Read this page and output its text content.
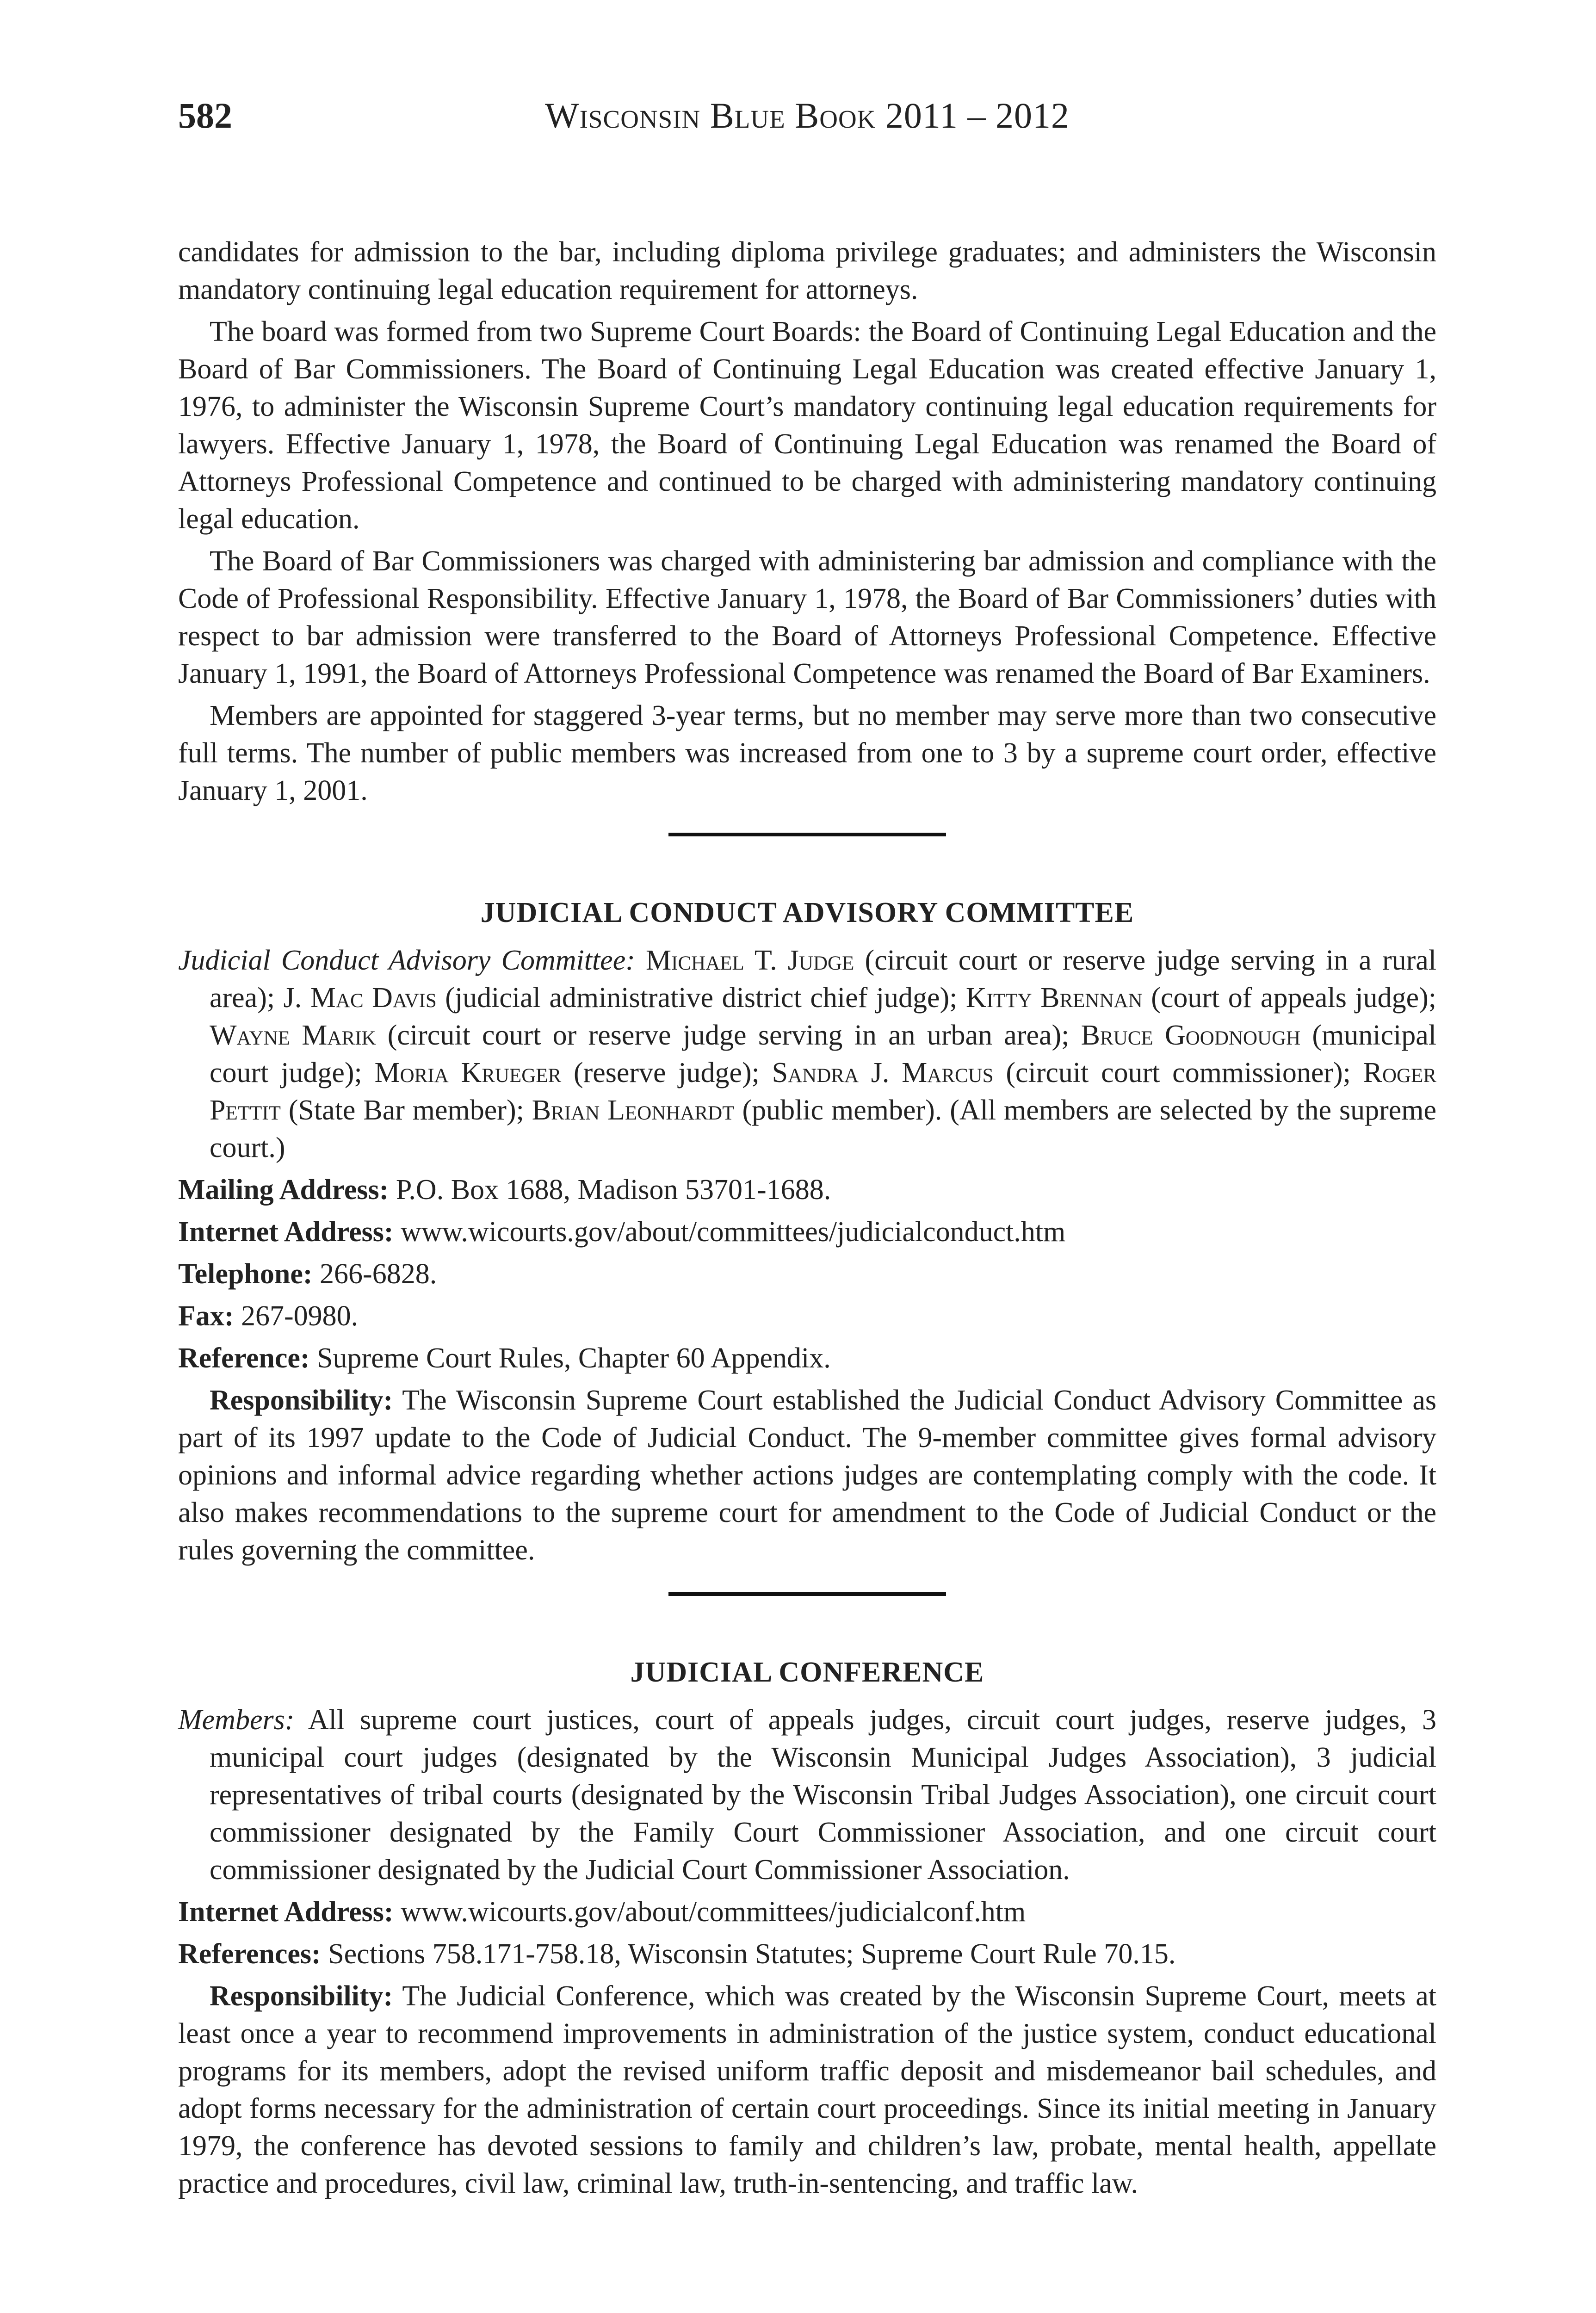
582	Wisconsin Blue Book 2011 – 2012

candidates for admission to the bar, including diploma privilege graduates; and administers the Wisconsin mandatory continuing legal education requirement for attorneys.

The board was formed from two Supreme Court Boards: the Board of Continuing Legal Education and the Board of Bar Commissioners. The Board of Continuing Legal Education was created effective January 1, 1976, to administer the Wisconsin Supreme Court’s mandatory continuing legal education requirements for lawyers. Effective January 1, 1978, the Board of Continuing Legal Education was renamed the Board of Attorneys Professional Competence and continued to be charged with administering mandatory continuing legal education.

The Board of Bar Commissioners was charged with administering bar admission and compliance with the Code of Professional Responsibility. Effective January 1, 1978, the Board of Bar Commissioners’ duties with respect to bar admission were transferred to the Board of Attorneys Professional Competence. Effective January 1, 1991, the Board of Attorneys Professional Competence was renamed the Board of Bar Examiners.

Members are appointed for staggered 3-year terms, but no member may serve more than two consecutive full terms. The number of public members was increased from one to 3 by a supreme court order, effective January 1, 2001.

JUDICIAL CONDUCT ADVISORY COMMITTEE

Judicial Conduct Advisory Committee: Michael T. Judge (circuit court or reserve judge serving in a rural area); J. Mac Davis (judicial administrative district chief judge); Kitty Brennan (court of appeals judge); Wayne Marik (circuit court or reserve judge serving in an urban area); Bruce Goodnough (municipal court judge); Moria Krueger (reserve judge); Sandra J. Marcus (circuit court commissioner); Roger Pettit (State Bar member); Brian Leonhardt (public member). (All members are selected by the supreme court.)

Mailing Address: P.O. Box 1688, Madison 53701-1688.

Internet Address: www.wicourts.gov/about/committees/judicialconduct.htm

Telephone: 266-6828.

Fax: 267-0980.

Reference: Supreme Court Rules, Chapter 60 Appendix.

Responsibility: The Wisconsin Supreme Court established the Judicial Conduct Advisory Committee as part of its 1997 update to the Code of Judicial Conduct. The 9-member committee gives formal advisory opinions and informal advice regarding whether actions judges are contemplating comply with the code. It also makes recommendations to the supreme court for amendment to the Code of Judicial Conduct or the rules governing the committee.

JUDICIAL CONFERENCE

Members: All supreme court justices, court of appeals judges, circuit court judges, reserve judges, 3 municipal court judges (designated by the Wisconsin Municipal Judges Association), 3 judicial representatives of tribal courts (designated by the Wisconsin Tribal Judges Association), one circuit court commissioner designated by the Family Court Commissioner Association, and one circuit court commissioner designated by the Judicial Court Commissioner Association.

Internet Address: www.wicourts.gov/about/committees/judicialconf.htm

References: Sections 758.171-758.18, Wisconsin Statutes; Supreme Court Rule 70.15.

Responsibility: The Judicial Conference, which was created by the Wisconsin Supreme Court, meets at least once a year to recommend improvements in administration of the justice system, conduct educational programs for its members, adopt the revised uniform traffic deposit and misdemeanor bail schedules, and adopt forms necessary for the administration of certain court proceedings. Since its initial meeting in January 1979, the conference has devoted sessions to family and children’s law, probate, mental health, appellate practice and procedures, civil law, criminal law, truth-in-sentencing, and traffic law.
